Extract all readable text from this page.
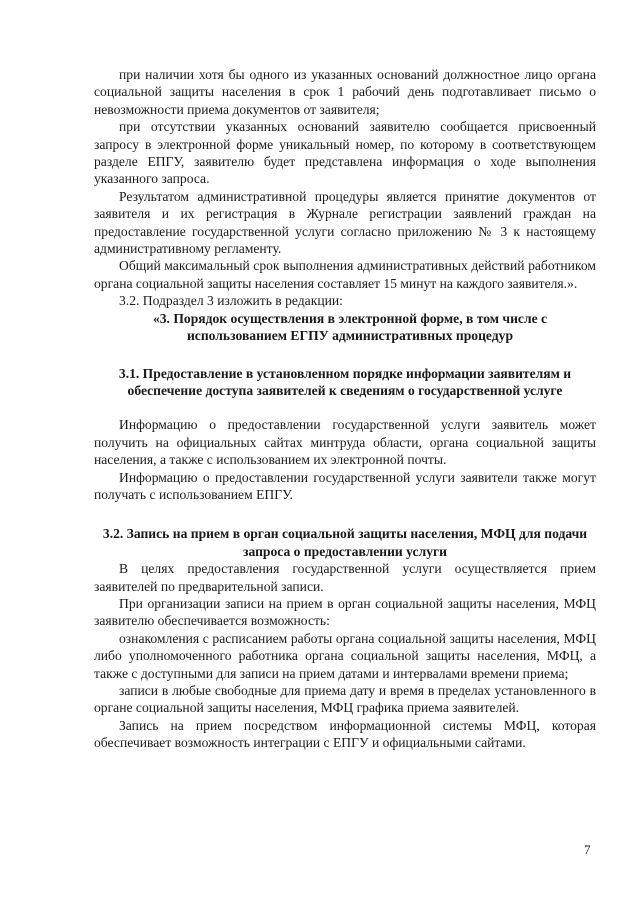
при наличии хотя бы одного из указанных оснований должностное лицо органа социальной защиты населения в срок 1 рабочий день подготавливает письмо о невозможности приема документов от заявителя;

при отсутствии указанных оснований заявителю сообщается присвоенный запросу в электронной форме уникальный номер, по которому в соответствующем разделе ЕПГУ, заявителю будет представлена информация о ходе выполнения указанного запроса.

Результатом административной процедуры является принятие документов от заявителя и их регистрация в Журнале регистрации заявлений граждан на предоставление государственной услуги согласно приложению № 3 к настоящему административному регламенту.

Общий максимальный срок выполнения административных действий работником органа социальной защиты населения составляет 15 минут на каждого заявителя.».

3.2. Подраздел 3 изложить в редакции:

«3. Порядок осуществления в электронной форме, в том числе с использованием ЕГПУ административных процедур
3.1. Предоставление в установленном порядке информации заявителям и обеспечение доступа заявителей к сведениям о государственной услуге

Информацию о предоставлении государственной услуги заявитель может получить на официальных сайтах минтруда области, органа социальной защиты населения, а также с использованием их электронной почты.

Информацию о предоставлении государственной услуги заявители также могут получать с использованием ЕПГУ.

3.2. Запись на прием в орган социальной защиты населения, МФЦ для подачи запроса о предоставлении услуги

В целях предоставления государственной услуги осуществляется прием заявителей по предварительной записи.

При организации записи на прием в орган социальной защиты населения, МФЦ заявителю обеспечивается возможность:

ознакомления с расписанием работы органа социальной защиты населения, МФЦ либо уполномоченного работника органа социальной защиты населения, МФЦ, а также с доступными для записи на прием датами и интервалами времени приема;

записи в любые свободные для приема дату и время в пределах установленного в органе социальной защиты населения, МФЦ графика приема заявителей.

Запись на прием посредством информационной системы МФЦ, которая обеспечивает возможность интеграции с ЕПГУ и официальными сайтами.

7
